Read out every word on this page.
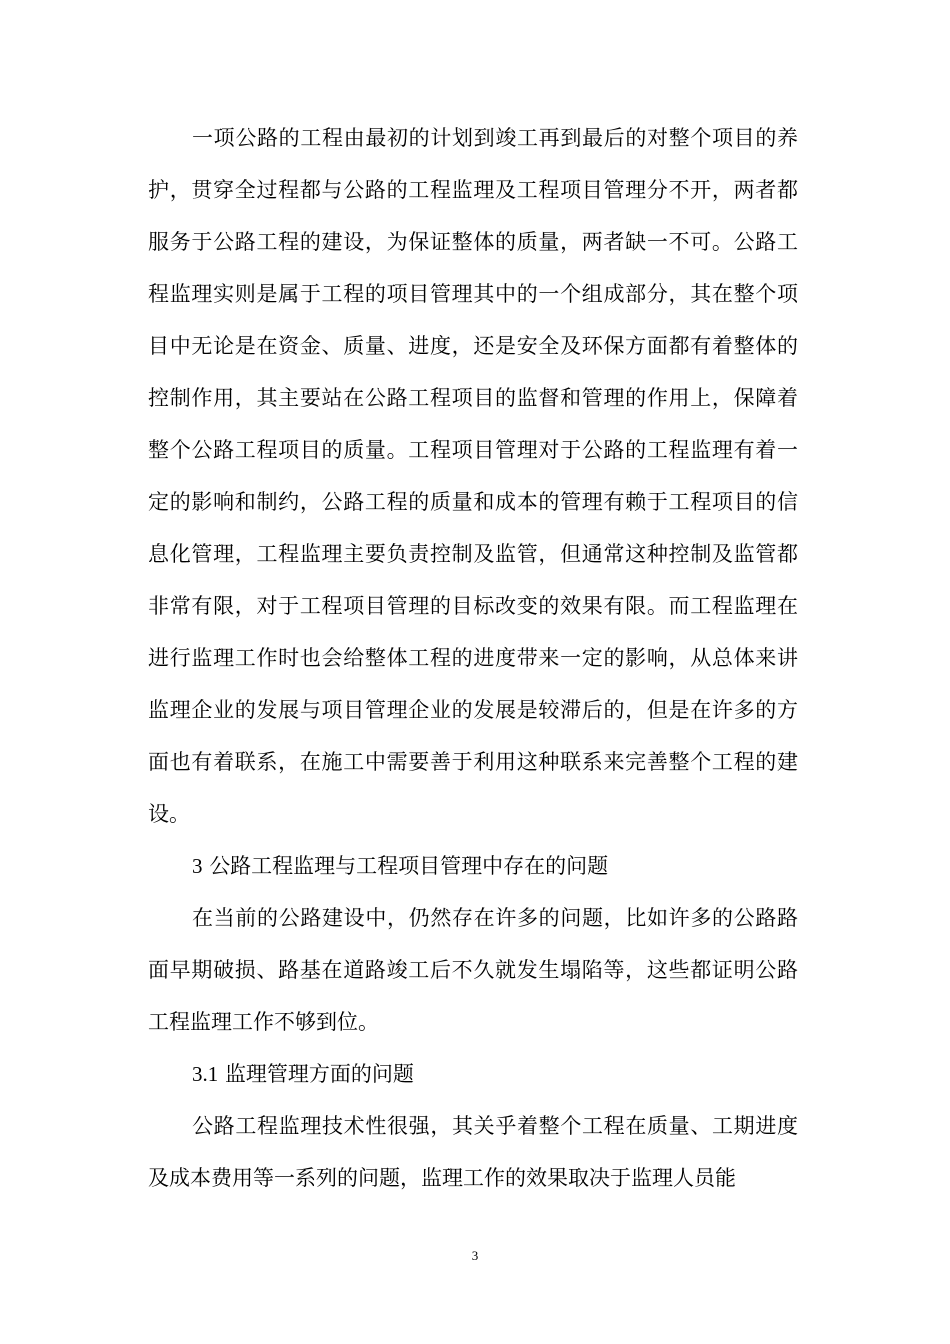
一项公路的工程由最初的计划到竣工再到最后的对整个项目的养护，贯穿全过程都与公路的工程监理及工程项目管理分不开，两者都服务于公路工程的建设，为保证整体的质量，两者缺一不可。公路工程监理实则是属于工程的项目管理其中的一个组成部分，其在整个项目中无论是在资金、质量、进度，还是安全及环保方面都有着整体的控制作用，其主要站在公路工程项目的监督和管理的作用上，保障着整个公路工程项目的质量。工程项目管理对于公路的工程监理有着一定的影响和制约，公路工程的质量和成本的管理有赖于工程项目的信息化管理，工程监理主要负责控制及监管，但通常这种控制及监管都非常有限，对于工程项目管理的目标改变的效果有限。而工程监理在进行监理工作时也会给整体工程的进度带来一定的影响，从总体来讲监理企业的发展与项目管理企业的发展是较滞后的，但是在许多的方面也有着联系，在施工中需要善于利用这种联系来完善整个工程的建设。

3 公路工程监理与工程项目管理中存在的问题

在当前的公路建设中，仍然存在许多的问题，比如许多的公路路面早期破损、路基在道路竣工后不久就发生塌陷等，这些都证明公路工程监理工作不够到位。

3.1 监理管理方面的问题

公路工程监理技术性很强，其关乎着整个工程在质量、工期进度及成本费用等一系列的问题，监理工作的效果取决于监理人员能

3
